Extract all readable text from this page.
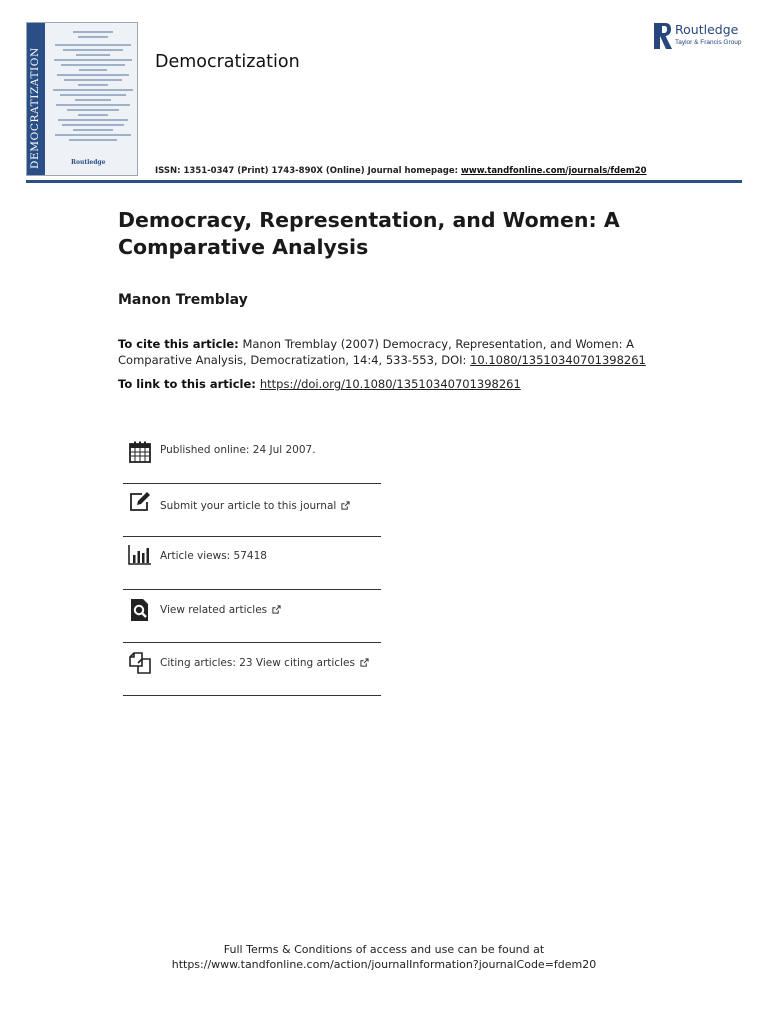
DEMOCRATIZATION	Routledge
Democratization
Routledge
Taylor & Francis Group
ISSN: 1351-0347 (Print) 1743-890X (Online) Journal homepage: www.tandfonline.com/journals/fdem20
Democracy, Representation, and Women: A Comparative Analysis
Manon Tremblay
To cite this article: Manon Tremblay (2007) Democracy, Representation, and Women: A Comparative Analysis, Democratization, 14:4, 533-553, DOI: 10.1080/13510340701398261
To link to this article: https://doi.org/10.1080/13510340701398261
Published online: 24 Jul 2007.
Submit your article to this journal
Article views: 57418
View related articles
Citing articles: 23 View citing articles
Full Terms & Conditions of access and use can be found at
https://www.tandfonline.com/action/journalInformation?journalCode=fdem20
